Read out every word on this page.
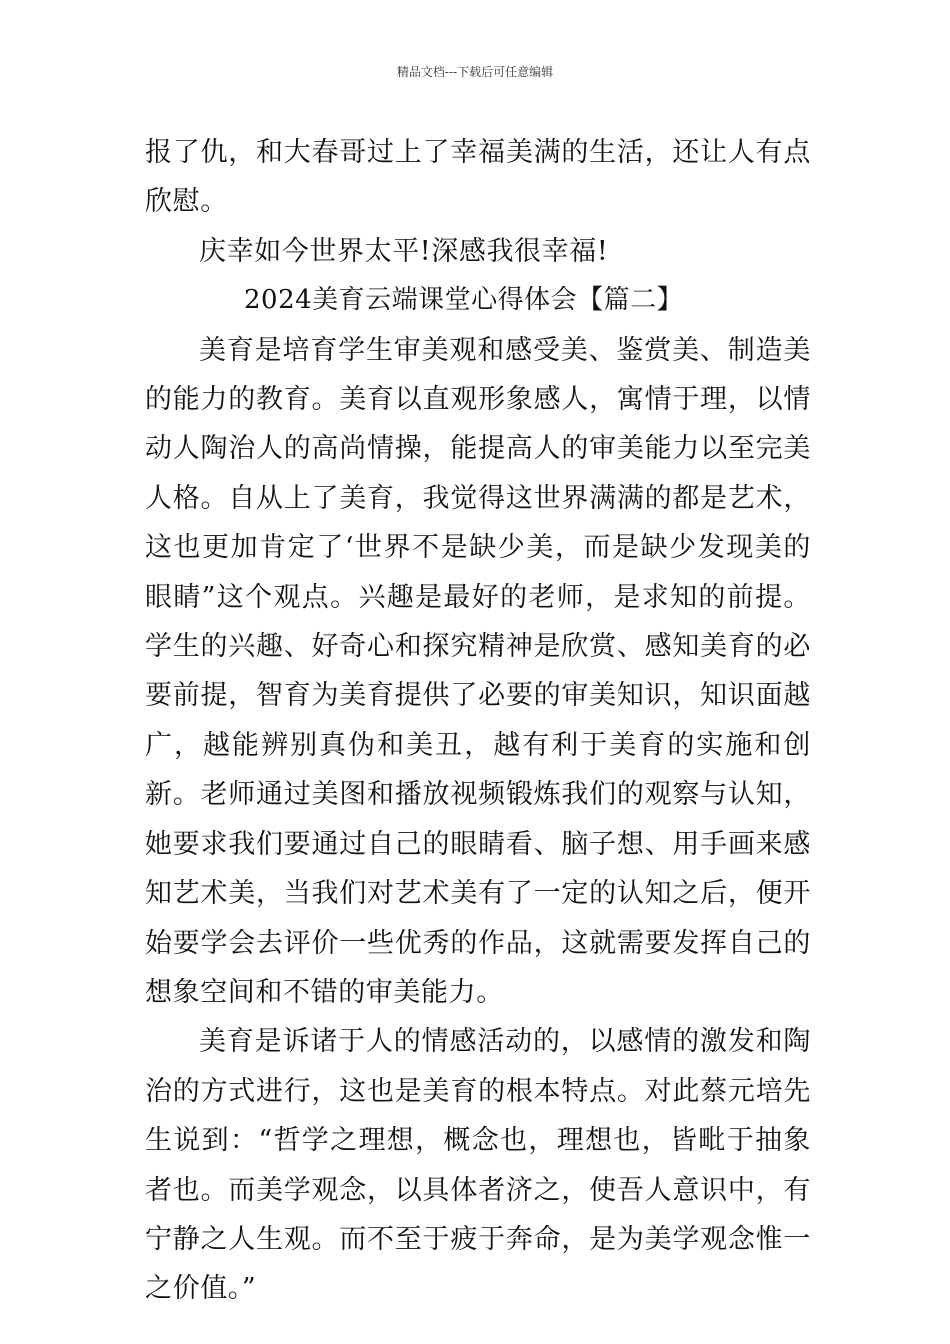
精品文档---下载后可任意编辑

报了仇，和大春哥过上了幸福美满的生活，还让人有点欣慰。

庆幸如今世界太平!深感我很幸福!

2024美育云端课堂心得体会【篇二】

美育是培育学生审美观和感受美、鉴赏美、制造美的能力的教育。美育以直观形象感人，寓情于理，以情动人陶治人的高尚情操，能提高人的审美能力以至完美人格。自从上了美育，我觉得这世界满满的都是艺术，这也更加肯定了‘世界不是缺少美，而是缺少发现美的眼睛”这个观点。兴趣是最好的老师，是求知的前提。学生的兴趣、好奇心和探究精神是欣赏、感知美育的必要前提，智育为美育提供了必要的审美知识，知识面越广，越能辨别真伪和美丑，越有利于美育的实施和创新。老师通过美图和播放视频锻炼我们的观察与认知，她要求我们要通过自己的眼睛看、脑子想、用手画来感知艺术美，当我们对艺术美有了一定的认知之后，便开始要学会去评价一些优秀的作品，这就需要发挥自己的想象空间和不错的审美能力。

美育是诉诸于人的情感活动的，以感情的激发和陶治的方式进行，这也是美育的根本特点。对此蔡元培先生说到：“哲学之理想，概念也，理想也，皆毗于抽象者也。而美学观念，以具体者济之，使吾人意识中，有宁静之人生观。而不至于疲于奔命，是为美学观念惟一之价值。”
